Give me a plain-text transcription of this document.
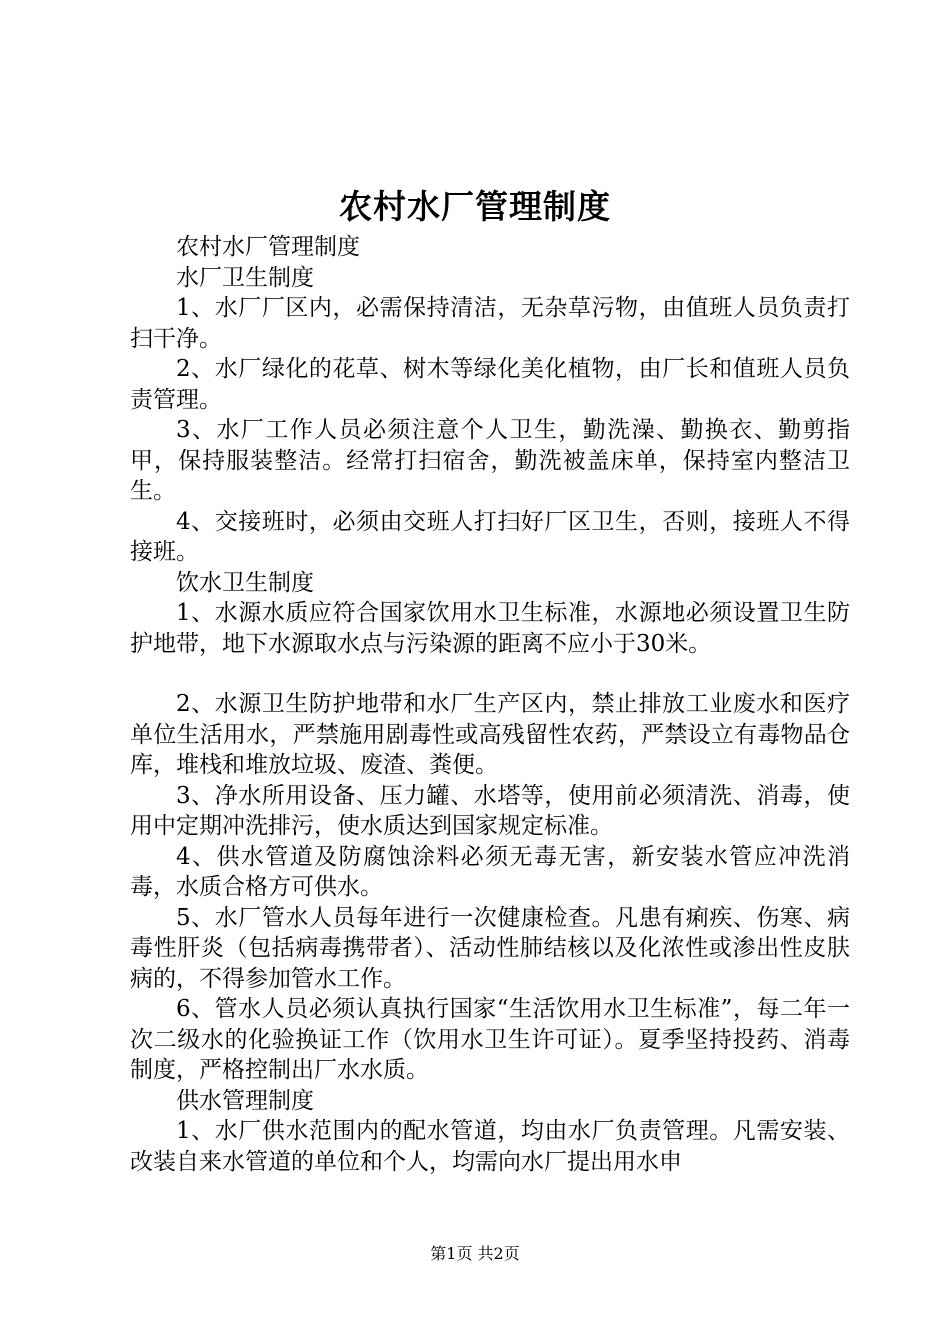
农村水厂管理制度

农村水厂管理制度

水厂卫生制度

1、水厂厂区内，必需保持清洁，无杂草污物，由值班人员负责打扫干净。

2、水厂绿化的花草、树木等绿化美化植物，由厂长和值班人员负责管理。

3、水厂工作人员必须注意个人卫生，勤洗澡、勤换衣、勤剪指甲，保持服装整洁。经常打扫宿舍，勤洗被盖床单，保持室内整洁卫生。

4、交接班时，必须由交班人打扫好厂区卫生，否则，接班人不得接班。

饮水卫生制度

1、水源水质应符合国家饮用水卫生标准，水源地必须设置卫生防护地带，地下水源取水点与污染源的距离不应小于30米。

2、水源卫生防护地带和水厂生产区内，禁止排放工业废水和医疗单位生活用水，严禁施用剧毒性或高残留性农药，严禁设立有毒物品仓库，堆栈和堆放垃圾、废渣、粪便。

3、净水所用设备、压力罐、水塔等，使用前必须清洗、消毒，使用中定期冲洗排污，使水质达到国家规定标准。

4、供水管道及防腐蚀涂料必须无毒无害，新安装水管应冲洗消毒，水质合格方可供水。

5、水厂管水人员每年进行一次健康检查。凡患有痢疾、伤寒、病毒性肝炎（包括病毒携带者）、活动性肺结核以及化浓性或渗出性皮肤病的，不得参加管水工作。

6、管水人员必须认真执行国家“生活饮用水卫生标准”，每二年一次二级水的化验换证工作（饮用水卫生许可证）。夏季坚持投药、消毒制度，严格控制出厂水水质。

供水管理制度

1、水厂供水范围内的配水管道，均由水厂负责管理。凡需安装、改装自来水管道的单位和个人，均需向水厂提出用水申

第1页 共2页
